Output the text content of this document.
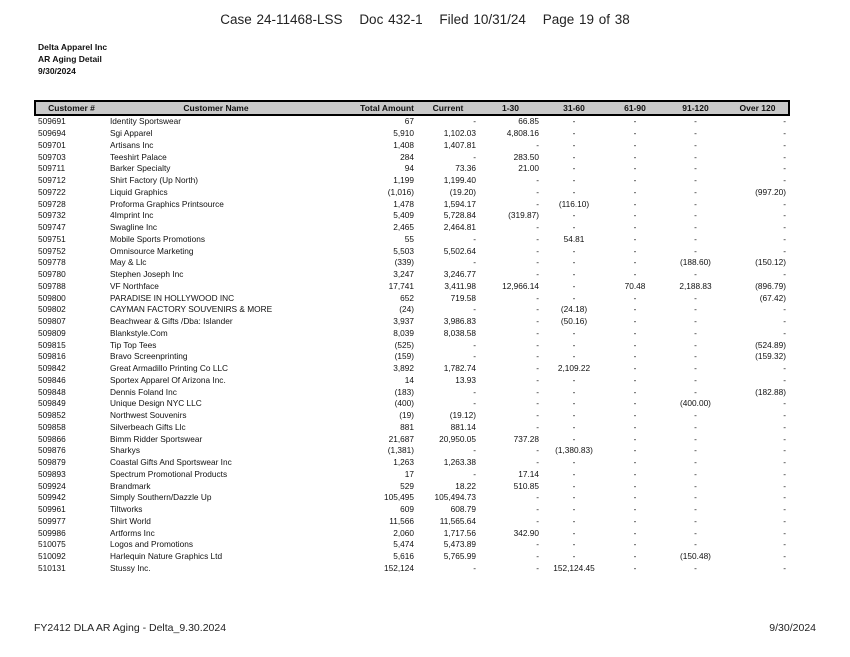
Case 24-11468-LSS Doc 432-1 Filed 10/31/24 Page 19 of 38
Delta Apparel Inc
AR Aging Detail
9/30/2024
Customer #	Customer Name	Total Amount	Current	1-30	31-60	61-90	91-120	Over 120
509691	Identity Sportswear	67	-	66.85	-	-	-	-
509694	Sgi Apparel	5,910	1,102.03	4,808.16	-	-	-	-
509701	Artisans Inc	1,408	1,407.81	-	-	-	-	-
509703	Teeshirt Palace	284	-	283.50	-	-	-	-
509711	Barker Specialty	94	73.36	21.00	-	-	-	-
509712	Shirt Factory (Up North)	1,199	1,199.40	-	-	-	-	-
509722	Liquid Graphics	(1,016)	(19.20)	-	-	-	-	(997.20)
509728	Proforma Graphics Printsource	1,478	1,594.17	-	(116.10)	-	-	-
509732	4Imprint Inc	5,409	5,728.84	(319.87)	-	-	-	-
509747	Swagline Inc	2,465	2,464.81	-	-	-	-	-
509751	Mobile Sports Promotions	55	-	-	54.81	-	-	-
509752	Omnisource Marketing	5,503	5,502.64	-	-	-	-	-
509778	May & Llc	(339)	-	-	-	-	(188.60)	(150.12)
509780	Stephen Joseph Inc	3,247	3,246.77	-	-	-	-	-
509788	VF Northface	17,741	3,411.98	12,966.14	-	70.48	2,188.83	(896.79)
509800	PARADISE IN HOLLYWOOD INC	652	719.58	-	-	-	-	(67.42)
509802	CAYMAN FACTORY SOUVENIRS & MORE	(24)	-	-	(24.18)	-	-	-
509807	Beachwear & Gifts /Dba: Islander	3,937	3,986.83	-	(50.16)	-	-	-
509809	Blankstyle.Com	8,039	8,038.58	-	-	-	-	-
509815	Tip Top Tees	(525)	-	-	-	-	-	(524.89)
509816	Bravo Screenprinting	(159)	-	-	-	-	-	(159.32)
509842	Great Armadillo Printing Co LLC	3,892	1,782.74	-	2,109.22	-	-	-
509846	Sportex Apparel Of Arizona Inc.	14	13.93	-	-	-	-	-
509848	Dennis Foland Inc	(183)	-	-	-	-	-	(182.88)
509849	Unique Design NYC LLC	(400)	-	-	-	-	(400.00)	-
509852	Northwest Souvenirs	(19)	(19.12)	-	-	-	-	-
509858	Silverbeach Gifts Llc	881	881.14	-	-	-	-	-
509866	Bimm Ridder Sportswear	21,687	20,950.05	737.28	-	-	-	-
509876	Sharkys	(1,381)	-	-	(1,380.83)	-	-	-
509879	Coastal Gifts And Sportswear Inc	1,263	1,263.38	-	-	-	-	-
509893	Spectrum Promotional Products	17	-	17.14	-	-	-	-
509924	Brandmark	529	18.22	510.85	-	-	-	-
509942	Simply Southern/Dazzle Up	105,495	105,494.73	-	-	-	-	-
509961	Tiltworks	609	608.79	-	-	-	-	-
509977	Shirt World	11,566	11,565.64	-	-	-	-	-
509986	Artforms Inc	2,060	1,717.56	342.90	-	-	-	-
510075	Logos and Promotions	5,474	5,473.89	-	-	-	-	-
510092	Harlequin Nature Graphics Ltd	5,616	5,765.99	-	-	-	(150.48)	-
510131	Stussy Inc.	152,124	-	-	152,124.45	-	-	-
FY2412 DLA AR Aging - Delta_9.30.2024	9/30/2024
